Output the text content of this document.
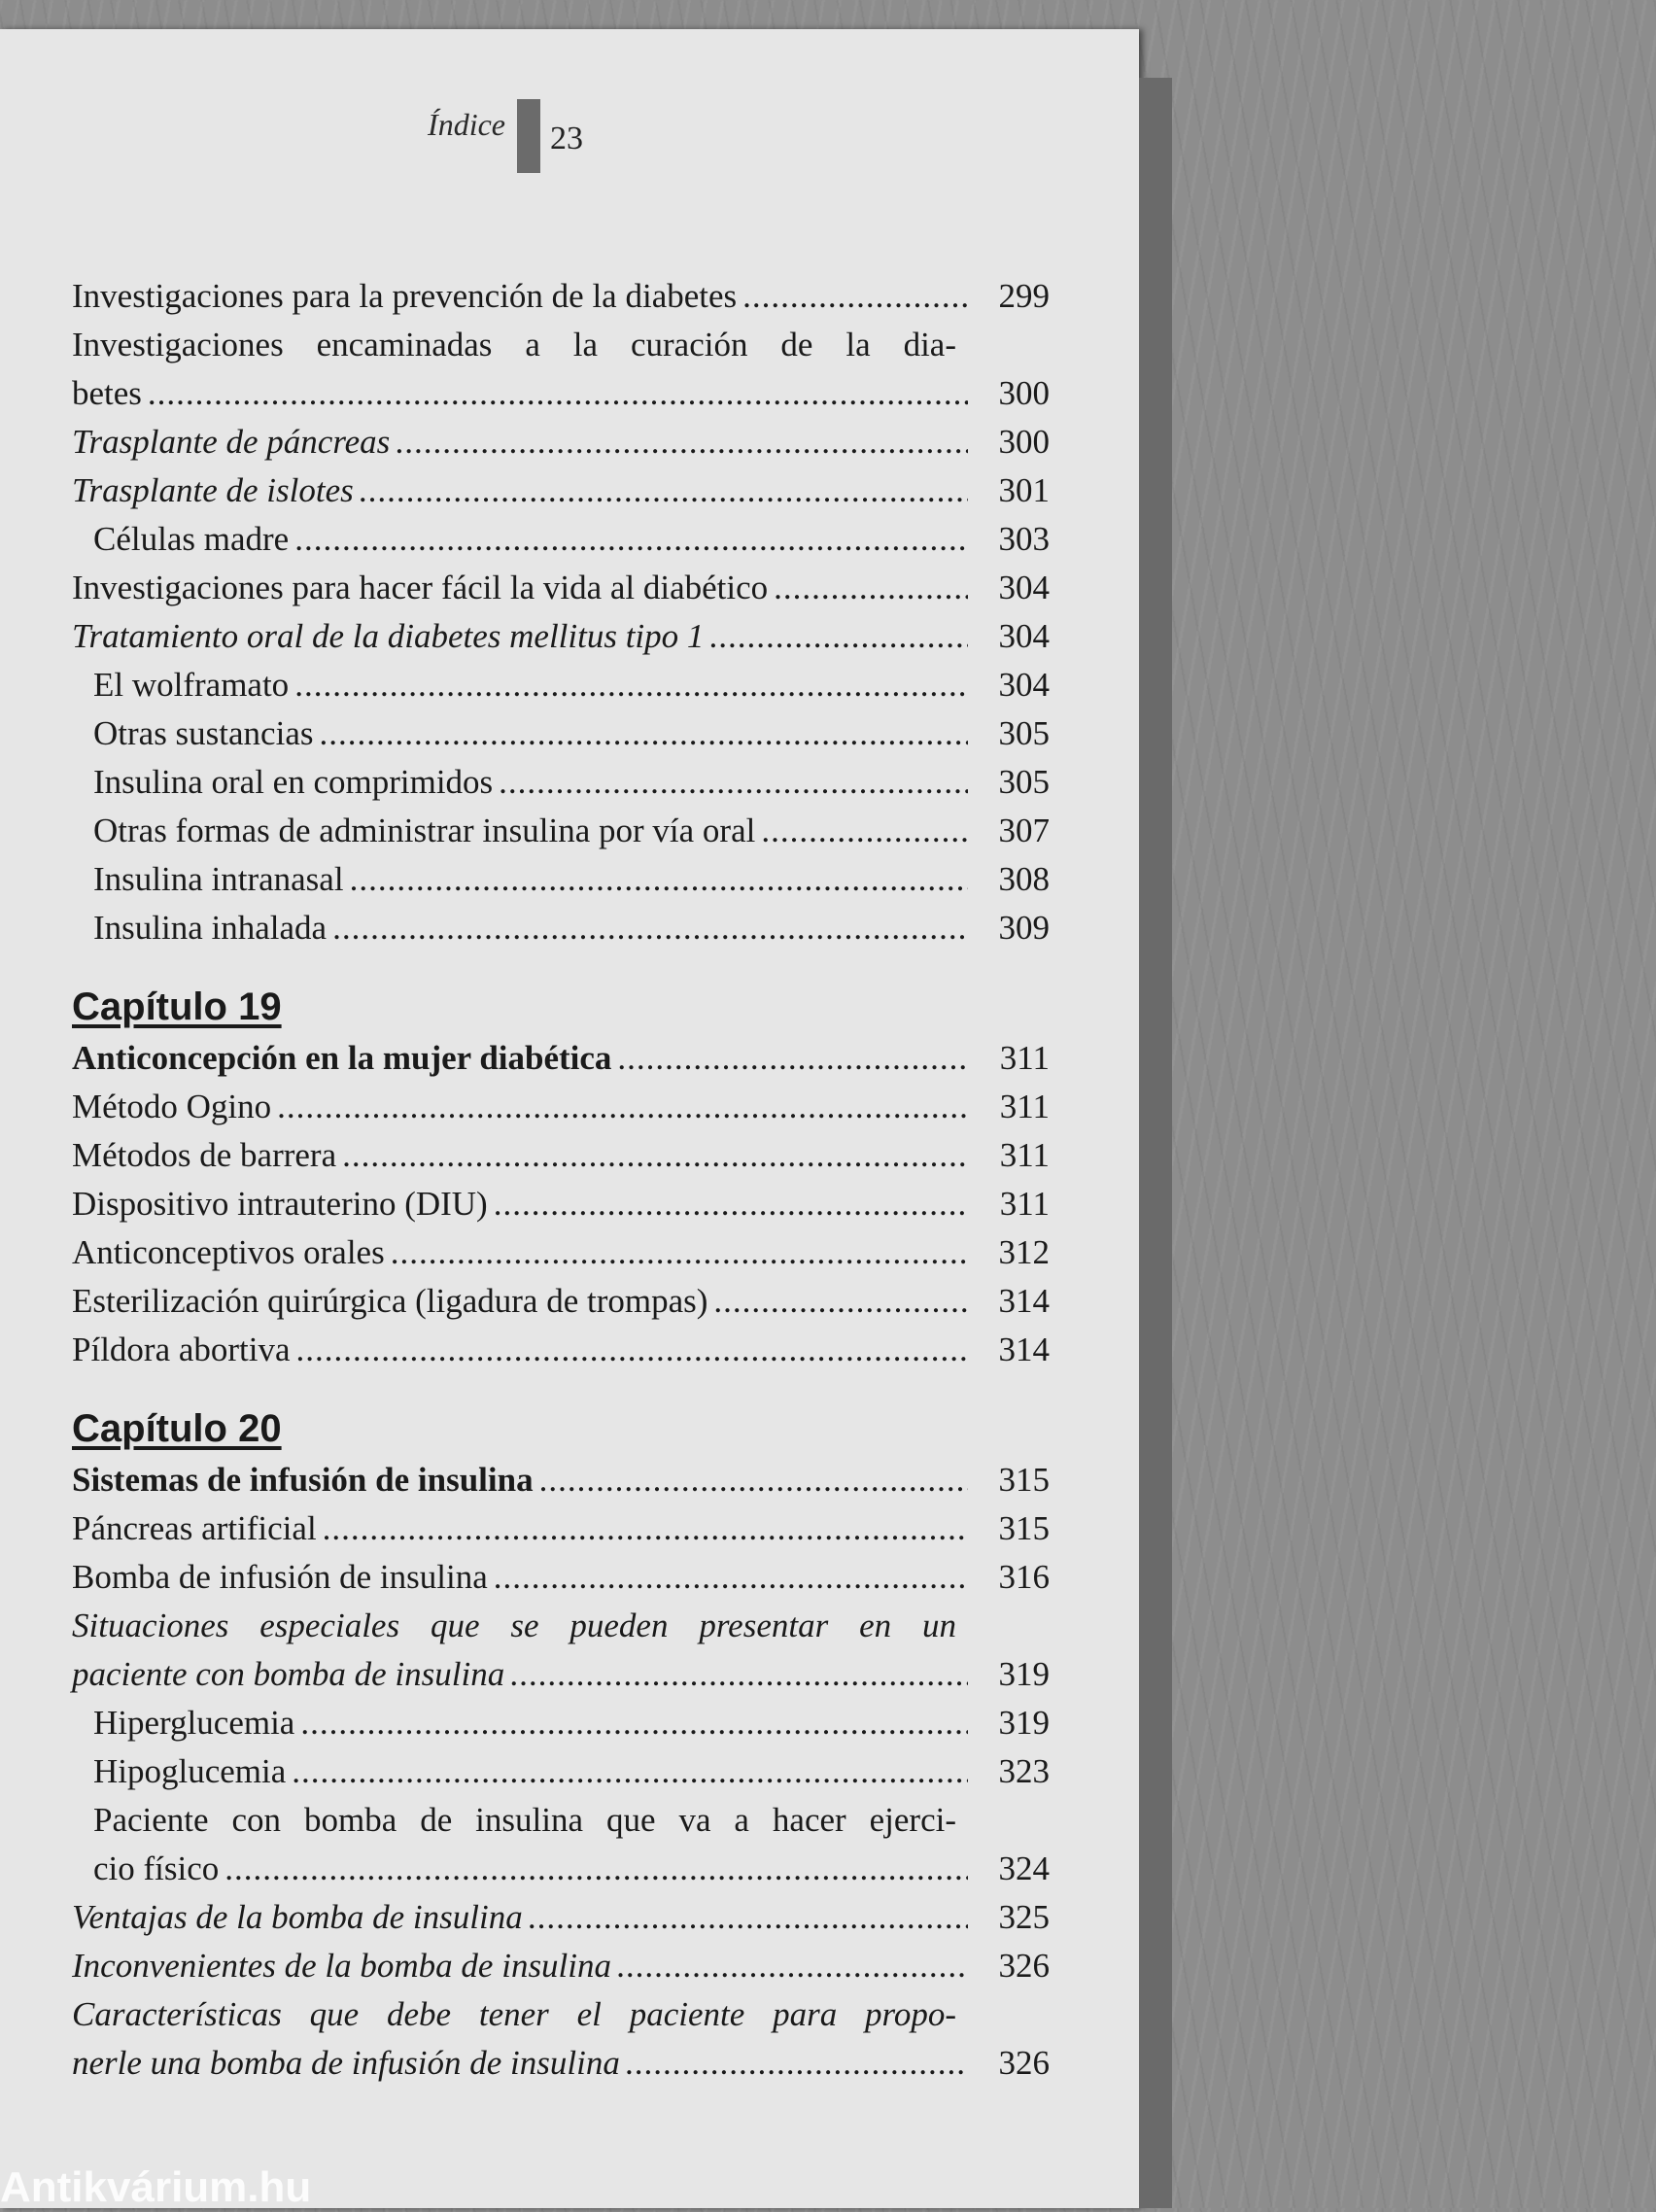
Índice 23
Investigaciones para la prevención de la diabetes .....	299
Investigaciones encaminadas a la curación de la dia-
betes .....	300
Trasplante de páncreas .....	300
Trasplante de islotes .....	301
Células madre .....	303
Investigaciones para hacer fácil la vida al diabético .....	304
Tratamiento oral de la diabetes mellitus tipo 1 .....	304
El wolframato .....	304
Otras sustancias .....	305
Insulina oral en comprimidos .....	305
Otras formas de administrar insulina por vía oral .....	307
Insulina intranasal .....	308
Insulina inhalada .....	309
Capítulo 19
Anticoncepción en la mujer diabética .....	311
Método Ogino .....	311
Métodos de barrera .....	311
Dispositivo intrauterino (DIU) .....	311
Anticonceptivos orales .....	312
Esterilización quirúrgica (ligadura de trompas) .....	314
Píldora abortiva .....	314
Capítulo 20
Sistemas de infusión de insulina .....	315
Páncreas artificial .....	315
Bomba de infusión de insulina .....	316
Situaciones especiales que se pueden presentar en un
paciente con bomba de insulina .....	319
Hiperglucemia .....	319
Hipoglucemia .....	323
Paciente con bomba de insulina que va a hacer ejerci-
cio físico .....	324
Ventajas de la bomba de insulina .....	325
Inconvenientes de la bomba de insulina .....	326
Características que debe tener el paciente para propo-
nerle una bomba de infusión de insulina .....	326
Antikvárium.hu
